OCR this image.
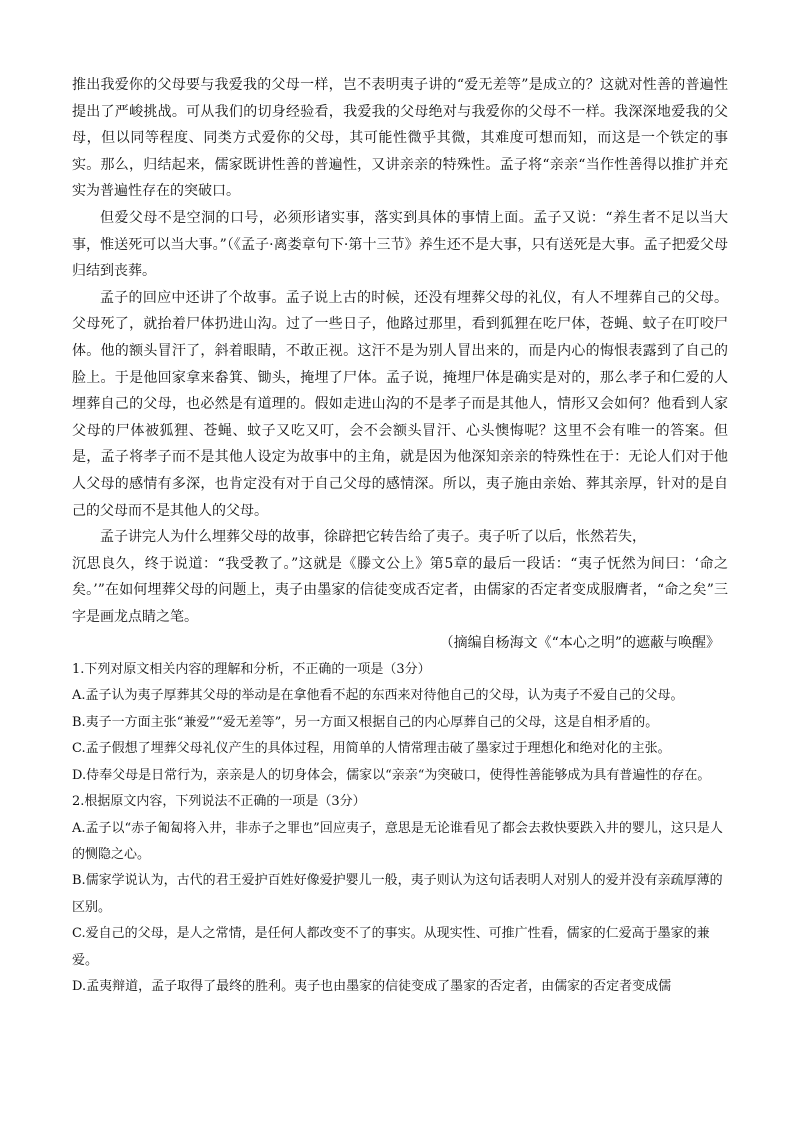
推出我爱你的父母要与我爱我的父母一样，岂不表明夷子讲的“爱无差等”是成立的？这就对性善的普遍性提出了严峻挑战。可从我们的切身经验看，我爱我的父母绝对与我爱你的父母不一样。我深深地爱我的父母，但以同等程度、同类方式爱你的父母，其可能性微乎其微，其难度可想而知，而这是一个铁定的事实。那么，归结起来，儒家既讲性善的普遍性，又讲亲亲的特殊性。孟子将“亲亲“当作性善得以推扩并充实为普遍性存在的突破口。

但爱父母不是空洞的口号，必须形诸实事，落实到具体的事情上面。孟子又说：“养生者不足以当大事，惟送死可以当大事。”（《孟子·离娄章句下·第十三节》养生还不是大事，只有送死是大事。孟子把爱父母归结到丧葬。

孟子的回应中还讲了个故事。孟子说上古的时候，还没有埋葬父母的礼仪，有人不埋葬自己的父母。父母死了，就抬着尸体扔进山沟。过了一些日子，他路过那里，看到狐狸在吃尸体，苍蝇、蚊子在叮咬尸体。他的额头冒汗了，斜着眼睛，不敢正视。这汗不是为别人冒出来的，而是内心的悔恨表露到了自己的脸上。于是他回家拿来畚箕、锄头，掩埋了尸体。孟子说，掩埋尸体是确实是对的，那么孝子和仁爱的人埋葬自己的父母，也必然是有道理的。假如走进山沟的不是孝子而是其他人，情形又会如何？他看到人家父母的尸体被狐狸、苍蝇、蚊子又吃又叮，会不会额头冒汗、心头懊悔呢？这里不会有唯一的答案。但是，孟子将孝子而不是其他人设定为故事中的主角，就是因为他深知亲亲的特殊性在于：无论人们对于他人父母的感情有多深，也肯定没有对于自己父母的感情深。所以，夷子施由亲始、葬其亲厚，针对的是自己的父母而不是其他人的父母。

孟子讲完人为什么埋葬父母的故事，徐辟把它转告给了夷子。夷子听了以后，怅然若失，

沉思良久，终于说道：“我受教了。”这就是《滕文公上》第5章的最后一段话：“夷子怃然为间曰：‘命之矣。’”在如何埋葬父母的问题上，夷子由墨家的信徒变成否定者，由儒家的否定者变成服膺者，“命之矣”三字是画龙点睛之笔。

（摘编自杨海文《“本心之明”的遮蔽与唤醒》

1.下列对原文相关内容的理解和分析，不正确的一项是（3分）

A.孟子认为夷子厚葬其父母的举动是在拿他看不起的东西来对待他自己的父母，认为夷子不爱自己的父母。

B.夷子一方面主张“兼爱”“爱无差等”，另一方面又根据自己的内心厚葬自己的父母，这是自相矛盾的。

C.孟子假想了埋葬父母礼仪产生的具体过程，用简单的人情常理击破了墨家过于理想化和绝对化的主张。

D.侍奉父母是日常行为，亲亲是人的切身体会，儒家以“亲亲“为突破口，使得性善能够成为具有普遍性的存在。

2.根据原文内容，下列说法不正确的一项是（3分）

A.孟子以“赤子匍匐将入井，非赤子之罪也”回应夷子，意思是无论谁看见了都会去救快要跌入井的婴儿，这只是人的恻隐之心。

B.儒家学说认为，古代的君王爱护百姓好像爱护婴儿一般，夷子则认为这句话表明人对别人的爱并没有亲疏厚薄的区别。

C.爱自己的父母，是人之常情，是任何人都改变不了的事实。从现实性、可推广性看，儒家的仁爱高于墨家的兼爱。

D.孟夷辩道，孟子取得了最终的胜利。夷子也由墨家的信徒变成了墨家的否定者，由儒家的否定者变成儒
